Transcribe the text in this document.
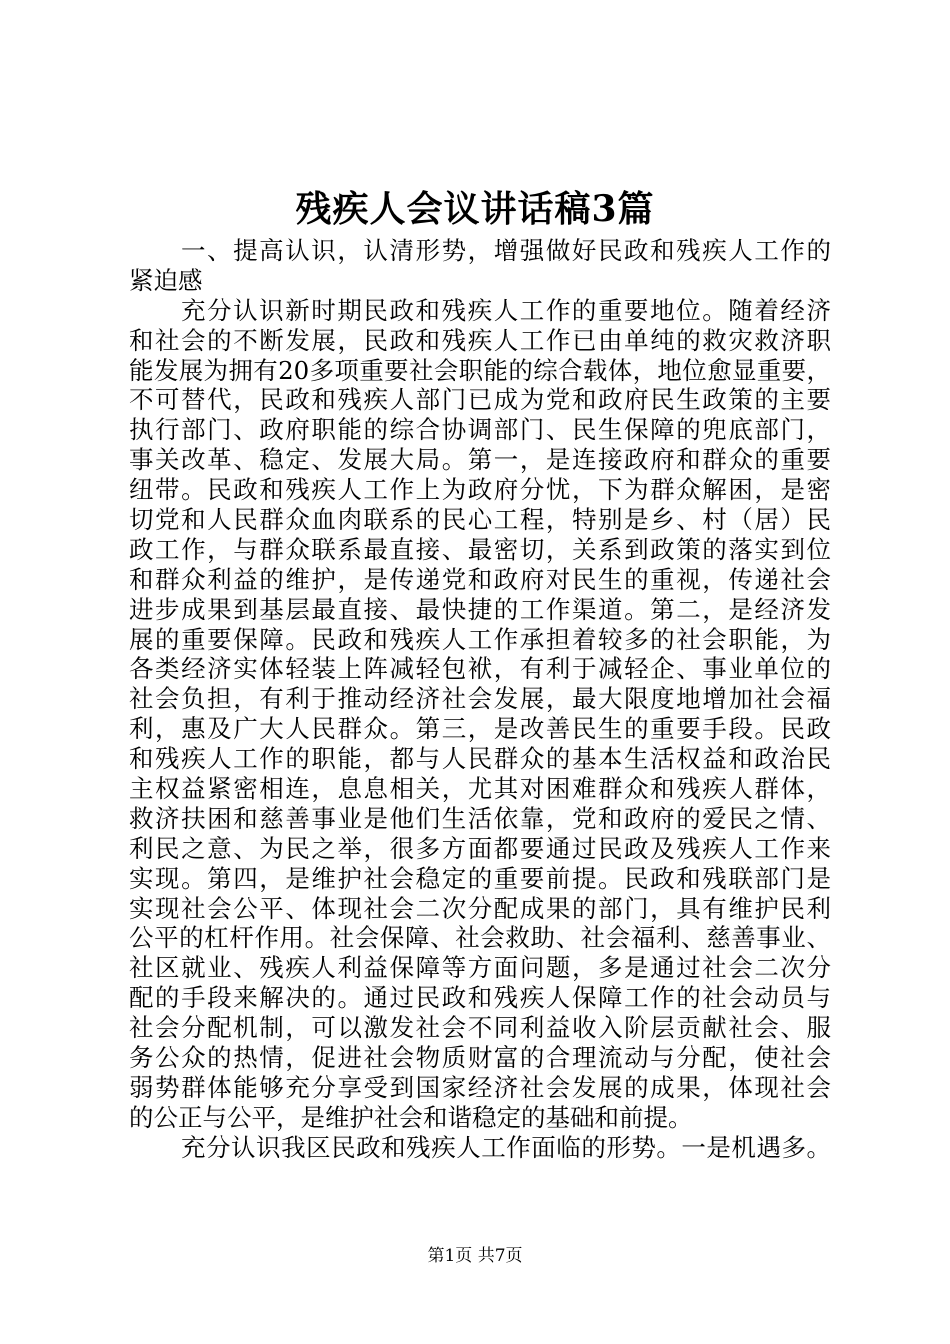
残疾人会议讲话稿3篇
一、提高认识，认清形势，增强做好民政和残疾人工作的
紧迫感
充分认识新时期民政和残疾人工作的重要地位。随着经济
和社会的不断发展，民政和残疾人工作已由单纯的救灾救济职
能发展为拥有20多项重要社会职能的综合载体，地位愈显重要，
不可替代，民政和残疾人部门已成为党和政府民生政策的主要
执行部门、政府职能的综合协调部门、民生保障的兜底部门，
事关改革、稳定、发展大局。第一，是连接政府和群众的重要
纽带。民政和残疾人工作上为政府分忧，下为群众解困，是密
切党和人民群众血肉联系的民心工程，特别是乡、村（居）民
政工作，与群众联系最直接、最密切，关系到政策的落实到位
和群众利益的维护，是传递党和政府对民生的重视，传递社会
进步成果到基层最直接、最快捷的工作渠道。第二，是经济发
展的重要保障。民政和残疾人工作承担着较多的社会职能，为
各类经济实体轻装上阵减轻包袱，有利于减轻企、事业单位的
社会负担，有利于推动经济社会发展，最大限度地增加社会福
利，惠及广大人民群众。第三，是改善民生的重要手段。民政
和残疾人工作的职能，都与人民群众的基本生活权益和政治民
主权益紧密相连，息息相关，尤其对困难群众和残疾人群体，
救济扶困和慈善事业是他们生活依靠，党和政府的爱民之情、
利民之意、为民之举，很多方面都要通过民政及残疾人工作来
实现。第四，是维护社会稳定的重要前提。民政和残联部门是
实现社会公平、体现社会二次分配成果的部门，具有维护民利
公平的杠杆作用。社会保障、社会救助、社会福利、慈善事业、
社区就业、残疾人利益保障等方面问题，多是通过社会二次分
配的手段来解决的。通过民政和残疾人保障工作的社会动员与
社会分配机制，可以激发社会不同利益收入阶层贡献社会、服
务公众的热情，促进社会物质财富的合理流动与分配，使社会
弱势群体能够充分享受到国家经济社会发展的成果，体现社会
的公正与公平，是维护社会和谐稳定的基础和前提。
充分认识我区民政和残疾人工作面临的形势。一是机遇多。
第1页 共7页
